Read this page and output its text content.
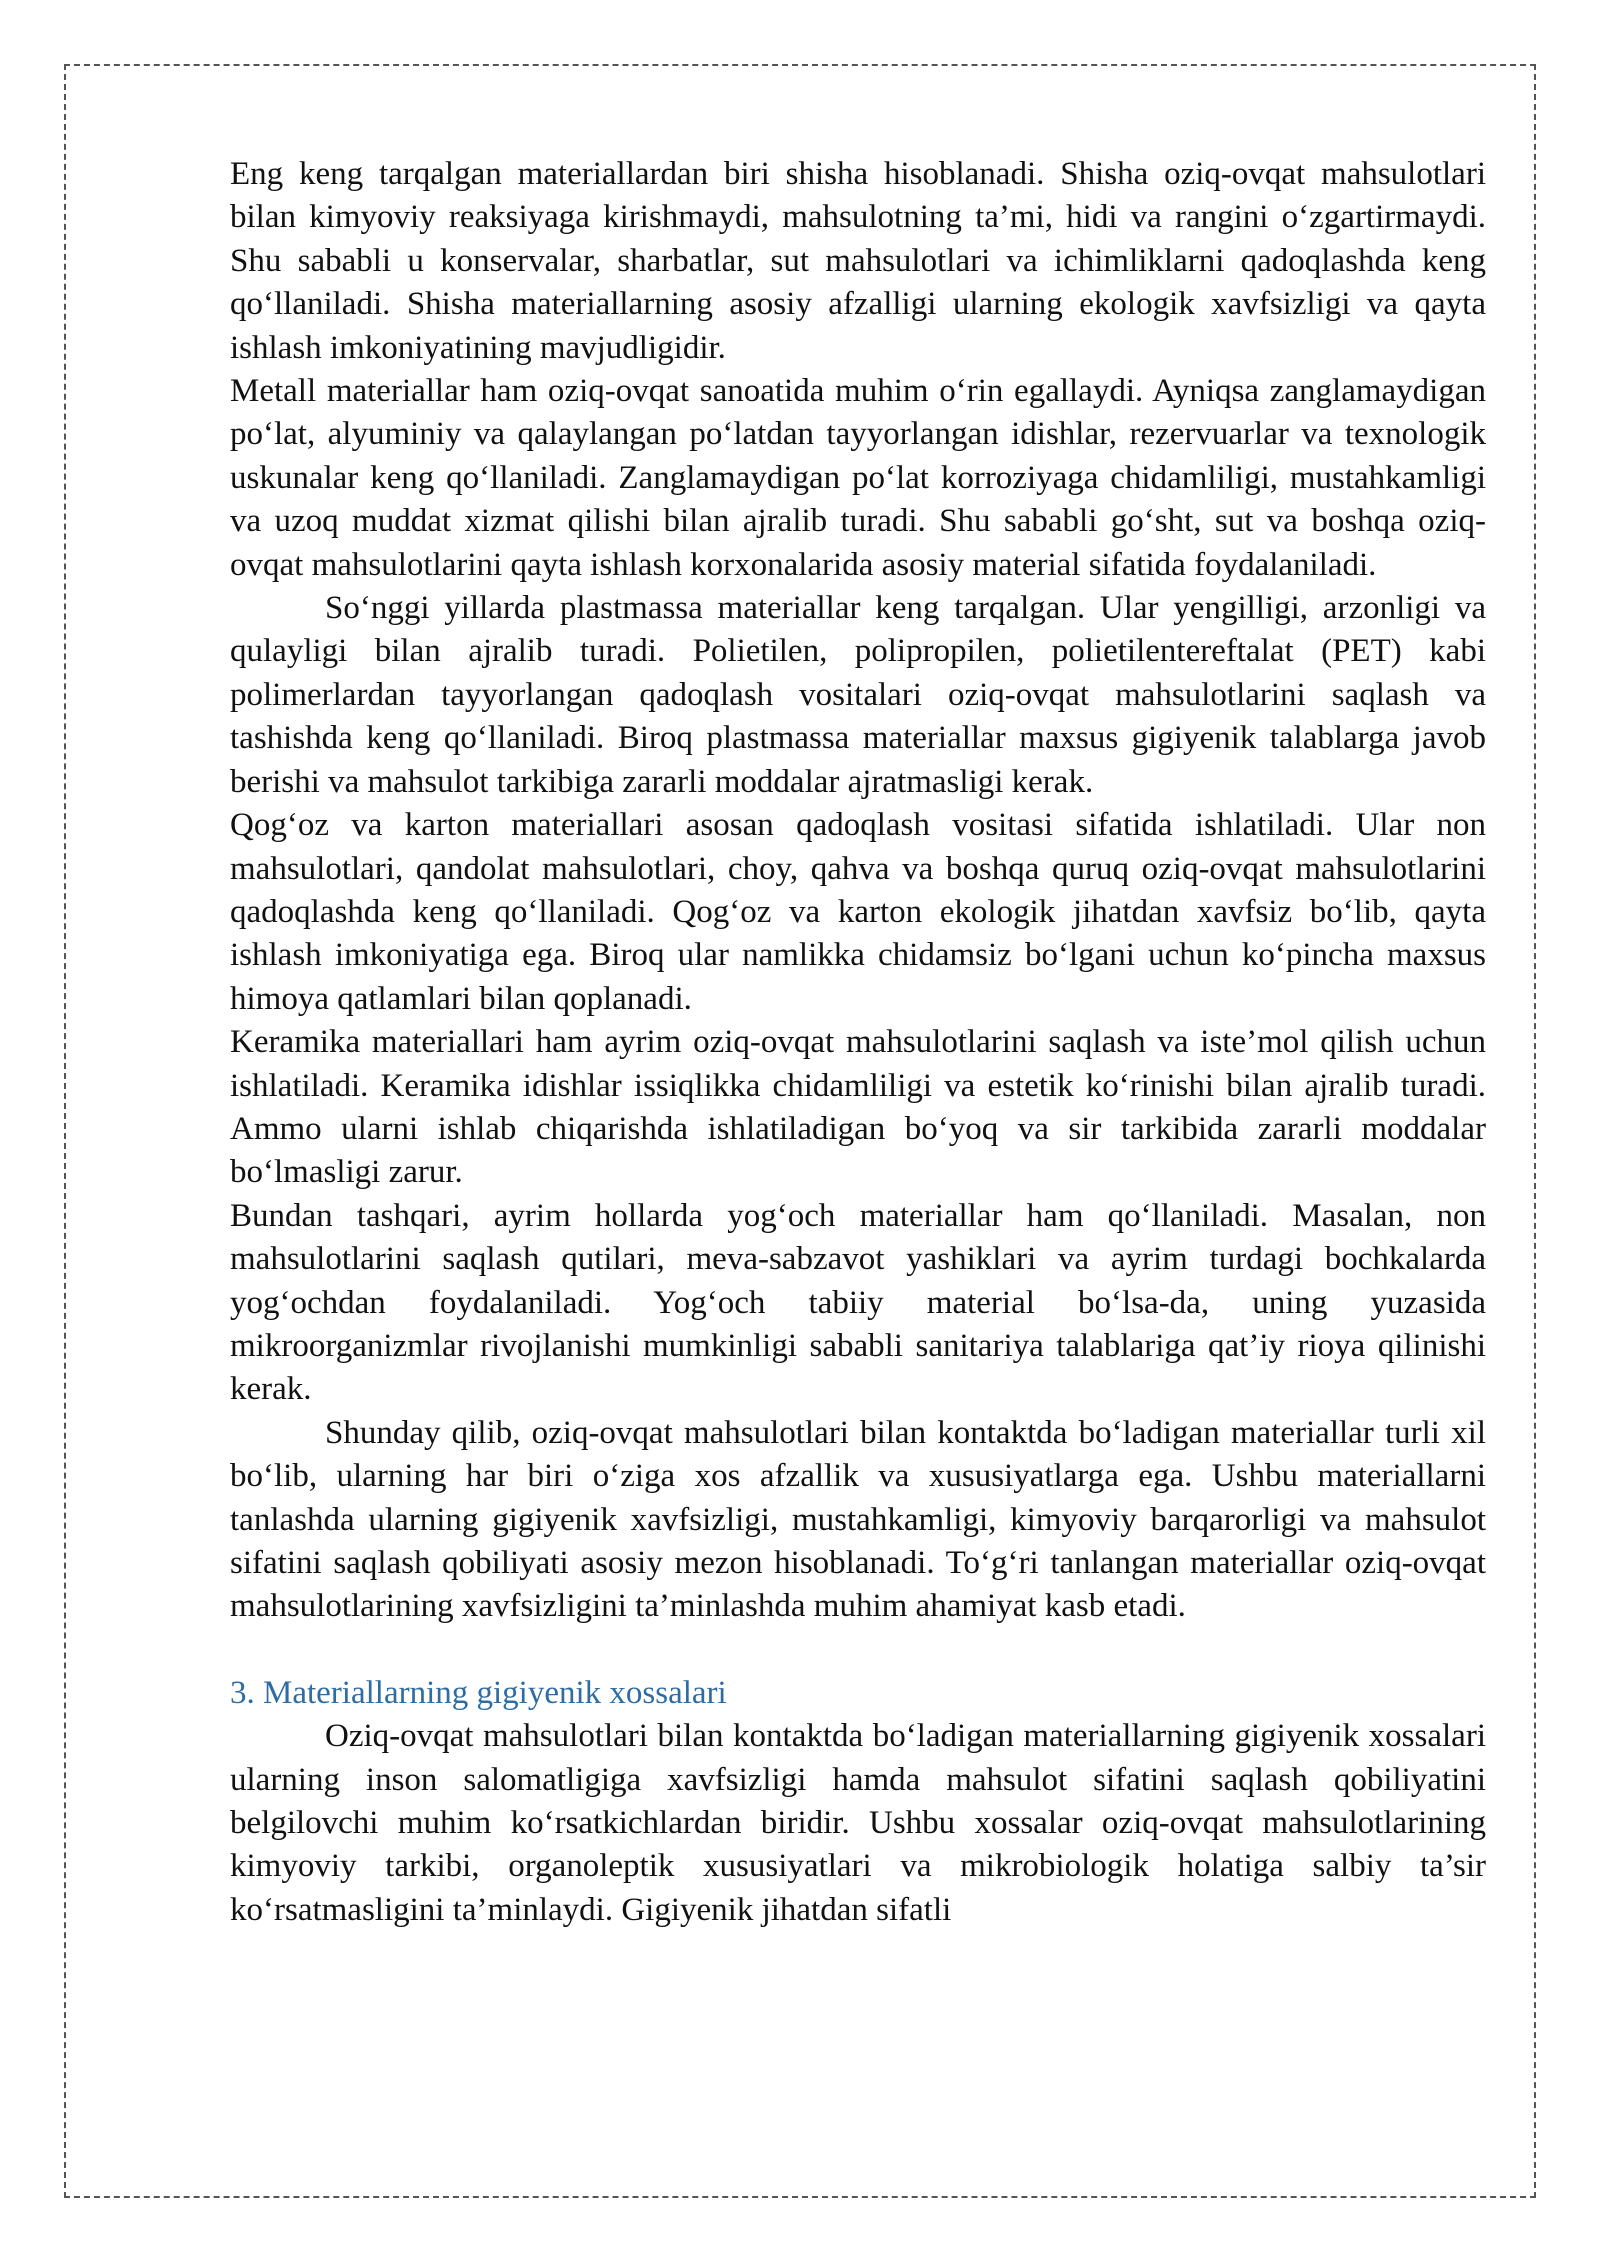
Eng keng tarqalgan materiallardan biri shisha hisoblanadi. Shisha oziq-ovqat mahsulotlari bilan kimyoviy reaksiyaga kirishmaydi, mahsulotning ta’mi, hidi va rangini o‘zgartirmaydi. Shu sababli u konservalar, sharbatlar, sut mahsulotlari va ichimliklarni qadoqlashda keng qo‘llaniladi. Shisha materiallarning asosiy afzalligi ularning ekologik xavfsizligi va qayta ishlash imkoniyatining mavjudligidir.

Metall materiallar ham oziq-ovqat sanoatida muhim o‘rin egallaydi. Ayniqsa zanglamaydigan po‘lat, alyuminiy va qalaylangan po‘latdan tayyorlangan idishlar, rezervuarlar va texnologik uskunalar keng qo‘llaniladi. Zanglamaydigan po‘lat korroziyaga chidamliligi, mustahkamligi va uzoq muddat xizmat qilishi bilan ajralib turadi. Shu sababli go‘sht, sut va boshqa oziq-ovqat mahsulotlarini qayta ishlash korxonalarida asosiy material sifatida foydalaniladi.

So‘nggi yillarda plastmassa materiallar keng tarqalgan. Ular yengilligi, arzonligi va qulayligi bilan ajralib turadi. Polietilen, polipropilen, polietilentereftalat (PET) kabi polimerlardan tayyorlangan qadoqlash vositalari oziq-ovqat mahsulotlarini saqlash va tashishda keng qo‘llaniladi. Biroq plastmassa materiallar maxsus gigiyenik talablarga javob berishi va mahsulot tarkibiga zararli moddalar ajratmasligi kerak.

Qog‘oz va karton materiallari asosan qadoqlash vositasi sifatida ishlatiladi. Ular non mahsulotlari, qandolat mahsulotlari, choy, qahva va boshqa quruq oziq-ovqat mahsulotlarini qadoqlashda keng qo‘llaniladi. Qog‘oz va karton ekologik jihatdan xavfsiz bo‘lib, qayta ishlash imkoniyatiga ega. Biroq ular namlikka chidamsiz bo‘lgani uchun ko‘pincha maxsus himoya qatlamlari bilan qoplanadi.

Keramika materiallari ham ayrim oziq-ovqat mahsulotlarini saqlash va iste’mol qilish uchun ishlatiladi. Keramika idishlar issiqlikka chidamliligi va estetik ko‘rinishi bilan ajralib turadi. Ammo ularni ishlab chiqarishda ishlatiladigan bo‘yoq va sir tarkibida zararli moddalar bo‘lmasligi zarur.

Bundan tashqari, ayrim hollarda yog‘och materiallar ham qo‘llaniladi. Masalan, non mahsulotlarini saqlash qutilari, meva-sabzavot yashiklari va ayrim turdagi bochkalarda yog‘ochdan foydalaniladi. Yog‘och tabiiy material bo‘lsa-da, uning yuzasida mikroorganizmlar rivojlanishi mumkinligi sababli sanitariya talablariga qat’iy rioya qilinishi kerak.

Shunday qilib, oziq-ovqat mahsulotlari bilan kontaktda bo‘ladigan materiallar turli xil bo‘lib, ularning har biri o‘ziga xos afzallik va xususiyatlarga ega. Ushbu materiallarni tanlashda ularning gigiyenik xavfsizligi, mustahkamligi, kimyoviy barqarorligi va mahsulot sifatini saqlash qobiliyati asosiy mezon hisoblanadi. To‘g‘ri tanlangan materiallar oziq-ovqat mahsulotlarining xavfsizligini ta’minlashda muhim ahamiyat kasb etadi.

3. Materiallarning gigiyenik xossalari

Oziq-ovqat mahsulotlari bilan kontaktda bo‘ladigan materiallarning gigiyenik xossalari ularning inson salomatligiga xavfsizligi hamda mahsulot sifatini saqlash qobiliyatini belgilovchi muhim ko‘rsatkichlardan biridir. Ushbu xossalar oziq-ovqat mahsulotlarining kimyoviy tarkibi, organoleptik xususiyatlari va mikrobiologik holatiga salbiy ta’sir ko‘rsatmasligini ta’minlaydi. Gigiyenik jihatdan sifatli
